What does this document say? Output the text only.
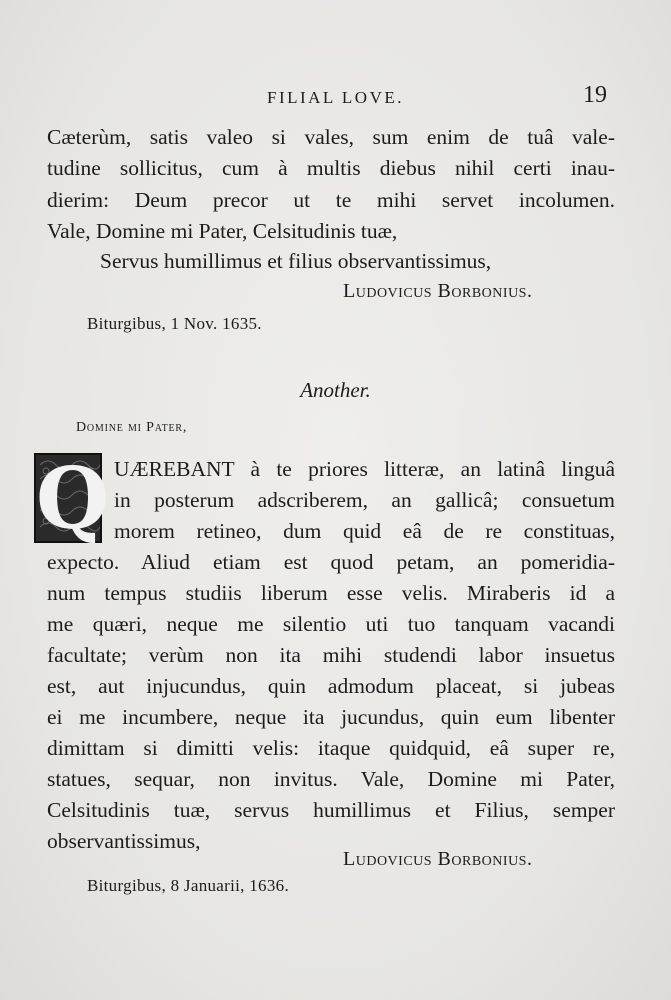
FILIAL LOVE.	19
Cæterùm, satis valeo si vales, sum enim de tuâ vale-
tudine sollicitus, cum à multis diebus nihil certi inau-
dierim: Deum precor ut te mihi servet incolumen.
Vale, Domine mi Pater, Celsitudinis tuæ,
Servus humillimus et filius observantissimus,
Ludovicus Borbonius.
Biturgibus, 1 Nov. 1635.
Another.
Domine mi Pater,
Q UÆREBANT à te priores litteræ, an latinâ linguâ
in posterum adscriberem, an gallicâ; consuetum
morem retineo, dum quid eâ de re constituas,
expecto. Aliud etiam est quod petam, an pomeridia-
num tempus studiis liberum esse velis. Miraberis id a
me quæri, neque me silentio uti tuo tanquam vacandi
facultate; verùm non ita mihi studendi labor insuetus
est, aut injucundus, quin admodum placeat, si jubeas
ei me incumbere, neque ita jucundus, quin eum libenter
dimittam si dimitti velis: itaque quidquid, eâ super re,
statues, sequar, non invitus. Vale, Domine mi Pater,
Celsitudinis tuæ, servus humillimus et Filius, semper
observantissimus,
Ludovicus Borbonius.
Biturgibus, 8 Januarii, 1636.
